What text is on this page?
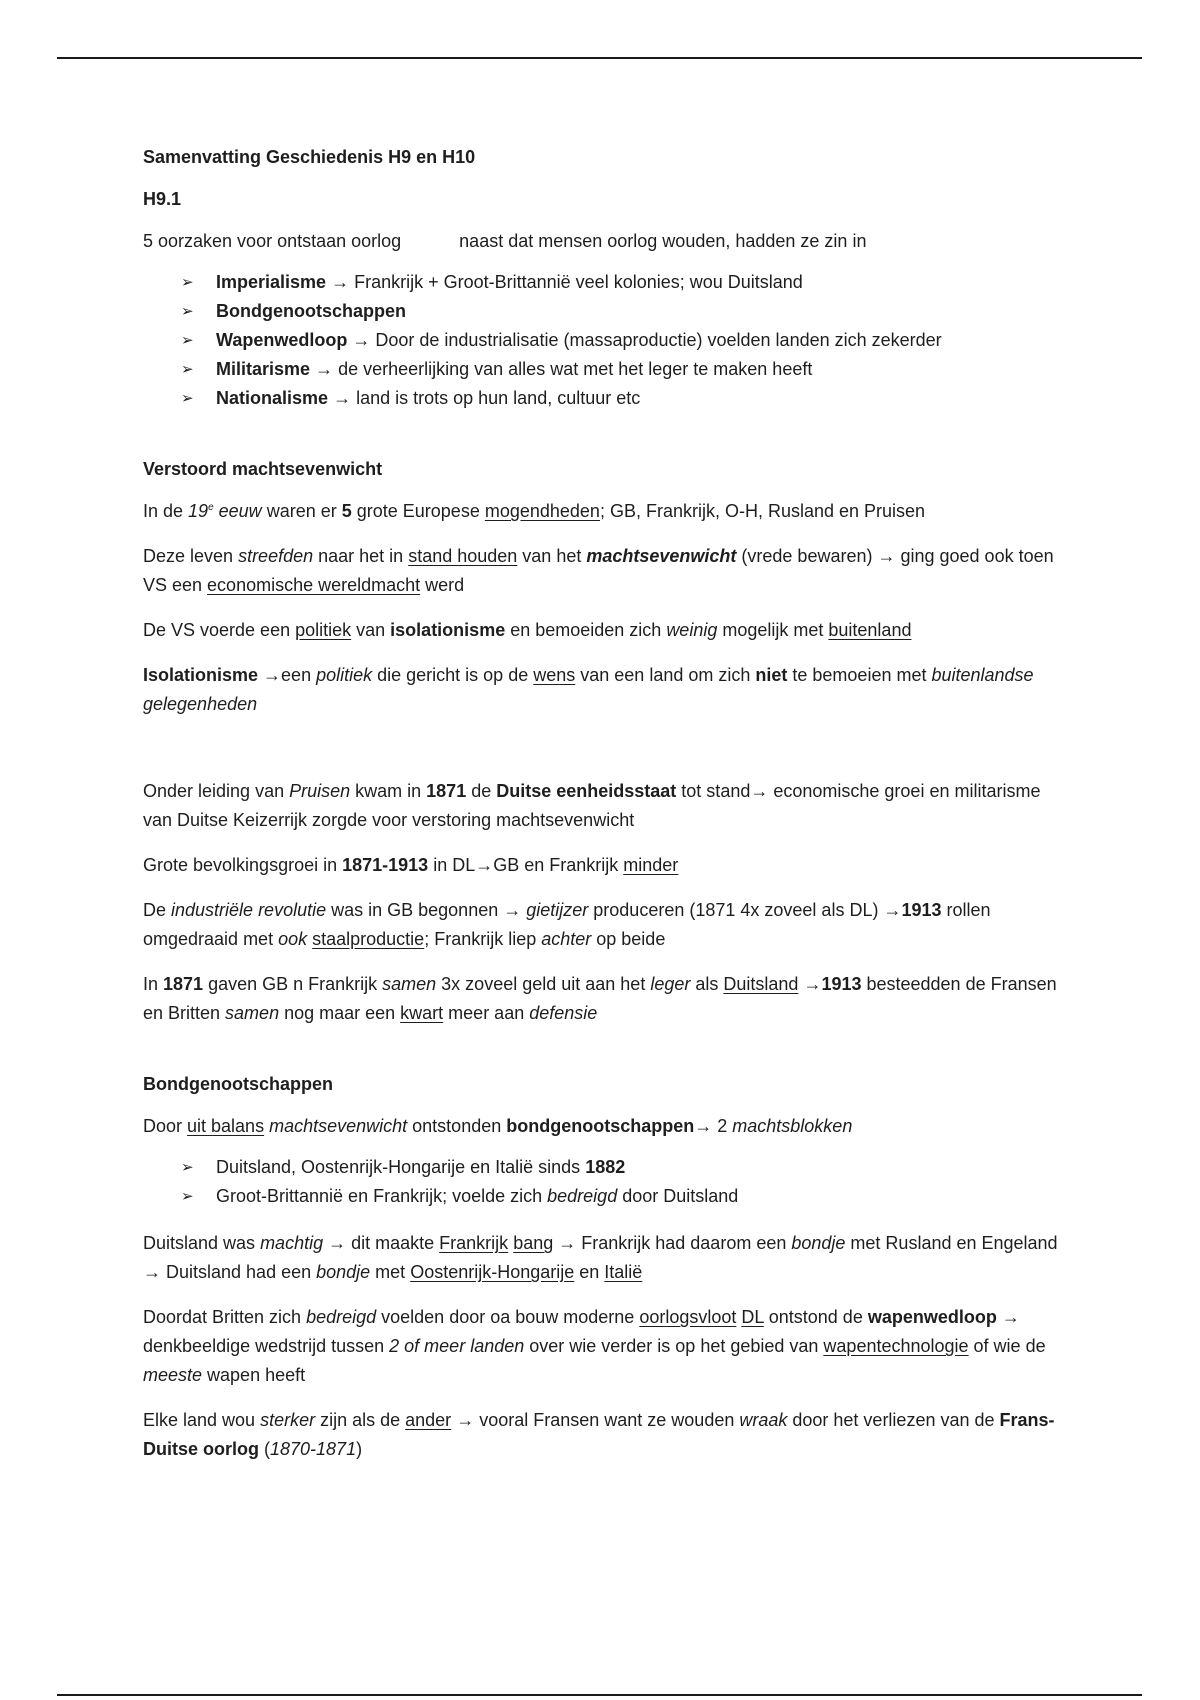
Samenvatting Geschiedenis H9 en H10
H9.1
5 oorzaken voor ontstaan oorlog	naast dat mensen oorlog wouden, hadden ze zin in
➢ Imperialisme → Frankrijk + Groot-Brittannië veel kolonies; wou Duitsland
➢ Bondgenootschappen
➢ Wapenwedloop → Door de industrialisatie (massaproductie) voelden landen zich zekerder
➢ Militarisme → de verheerlijking van alles wat met het leger te maken heeft
➢ Nationalisme → land is trots op hun land, cultuur etc
Verstoord machtsevenwicht
In de 19e eeuw waren er 5 grote Europese mogendheden; GB, Frankrijk, O-H, Rusland en Pruisen
Deze leven streefden naar het in stand houden van het machtsevenwicht (vrede bewaren) → ging goed ook toen VS een economische wereldmacht werd
De VS voerde een politiek van isolationisme en bemoeiden zich weinig mogelijk met buitenland
Isolationisme →een politiek die gericht is op de wens van een land om zich niet te bemoeien met buitenlandse gelegenheden
Onder leiding van Pruisen kwam in 1871 de Duitse eenheidsstaat tot stand→ economische groei en militarisme van Duitse Keizerrijk zorgde voor verstoring machtsevenwicht
Grote bevolkingsgroei in 1871-1913 in DL→GB en Frankrijk minder
De industriële revolutie was in GB begonnen → gietijzer produceren (1871 4x zoveel als DL) →1913 rollen omgedraaid met ook staalproductie; Frankrijk liep achter op beide
In 1871 gaven GB n Frankrijk samen 3x zoveel geld uit aan het leger als Duitsland →1913 besteedden de Fransen en Britten samen nog maar een kwart meer aan defensie
Bondgenootschappen
Door uit balans machtsevenwicht ontstonden bondgenootschappen→ 2 machtsblokken
➢ Duitsland, Oostenrijk-Hongarije en Italië sinds 1882
➢ Groot-Brittannië en Frankrijk; voelde zich bedreigd door Duitsland
Duitsland was machtig → dit maakte Frankrijk bang → Frankrijk had daarom een bondje met Rusland en Engeland → Duitsland had een bondje met Oostenrijk-Hongarije en Italië
Doordat Britten zich bedreigd voelden door oa bouw moderne oorlogsvloot DL ontstond de wapenwedloop → denkbeeldige wedstrijd tussen 2 of meer landen over wie verder is op het gebied van wapentechnologie of wie de meeste wapen heeft
Elke land wou sterker zijn als de ander → vooral Fransen want ze wouden wraak door het verliezen van de Frans-Duitse oorlog (1870-1871)
